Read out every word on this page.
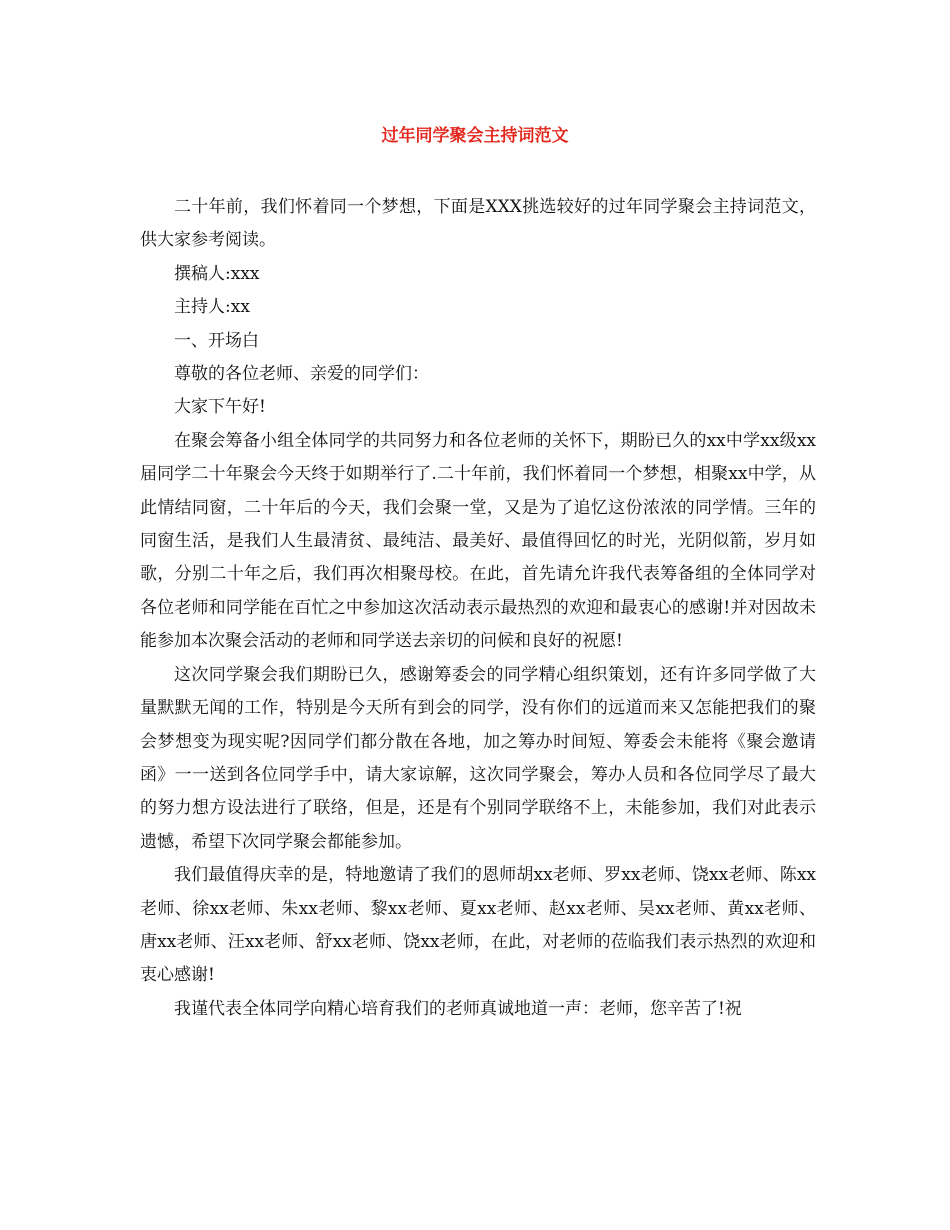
过年同学聚会主持词范文

二十年前，我们怀着同一个梦想，下面是XXX挑选较好的过年同学聚会主持词范文，供大家参考阅读。

撰稿人:xxx

主持人:xx

一、开场白

尊敬的各位老师、亲爱的同学们：

大家下午好!

在聚会筹备小组全体同学的共同努力和各位老师的关怀下，期盼已久的xx中学xx级xx届同学二十年聚会今天终于如期举行了.二十年前，我们怀着同一个梦想，相聚xx中学，从此情结同窗，二十年后的今天，我们会聚一堂，又是为了追忆这份浓浓的同学情。三年的同窗生活，是我们人生最清贫、最纯洁、最美好、最值得回忆的时光，光阴似箭，岁月如歌，分别二十年之后，我们再次相聚母校。在此，首先请允许我代表筹备组的全体同学对各位老师和同学能在百忙之中参加这次活动表示最热烈的欢迎和最衷心的感谢!并对因故未能参加本次聚会活动的老师和同学送去亲切的问候和良好的祝愿!

这次同学聚会我们期盼已久，感谢筹委会的同学精心组织策划，还有许多同学做了大量默默无闻的工作，特别是今天所有到会的同学，没有你们的远道而来又怎能把我们的聚会梦想变为现实呢?因同学们都分散在各地，加之筹办时间短、筹委会未能将《聚会邀请函》一一送到各位同学手中，请大家谅解，这次同学聚会，筹办人员和各位同学尽了最大的努力想方设法进行了联络，但是，还是有个别同学联络不上，未能参加，我们对此表示遗憾，希望下次同学聚会都能参加。

我们最值得庆幸的是，特地邀请了我们的恩师胡xx老师、罗xx老师、饶xx老师、陈xx老师、徐xx老师、朱xx老师、黎xx老师、夏xx老师、赵xx老师、吴xx老师、黄xx老师、唐xx老师、汪xx老师、舒xx老师、饶xx老师，在此，对老师的莅临我们表示热烈的欢迎和衷心感谢!

我谨代表全体同学向精心培育我们的老师真诚地道一声：老师，您辛苦了!祝
